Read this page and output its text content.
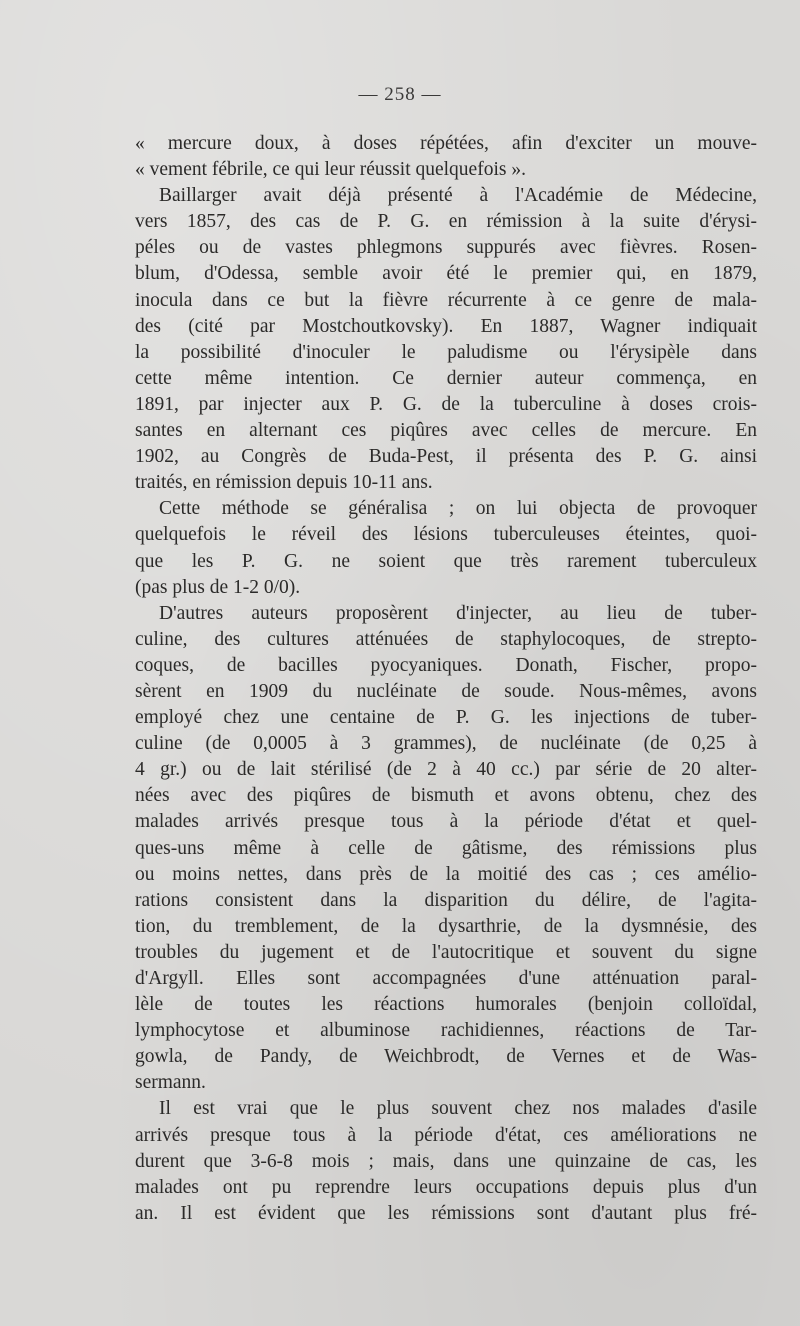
— 258 —
« mercure doux, à doses répétées, afin d'exciter un mouve-
« vement fébrile, ce qui leur réussit quelquefois ».
Baillarger avait déjà présenté à l'Académie de Médecine,
vers 1857, des cas de P. G. en rémission à la suite d'érysi-
péles ou de vastes phlegmons suppurés avec fièvres. Rosen-
blum, d'Odessa, semble avoir été le premier qui, en 1879,
inocula dans ce but la fièvre récurrente à ce genre de mala-
des (cité par Mostchoutkovsky). En 1887, Wagner indiquait
la possibilité d'inoculer le paludisme ou l'érysipèle dans
cette même intention. Ce dernier auteur commença, en
1891, par injecter aux P. G. de la tuberculine à doses crois-
santes en alternant ces piqûres avec celles de mercure. En
1902, au Congrès de Buda-Pest, il présenta des P. G. ainsi
traités, en rémission depuis 10-11 ans.
Cette méthode se généralisa ; on lui objecta de provoquer
quelquefois le réveil des lésions tuberculeuses éteintes, quoi-
que les P. G. ne soient que très rarement tuberculeux
(pas plus de 1-2 0/0).
D'autres auteurs proposèrent d'injecter, au lieu de tuber-
culine, des cultures atténuées de staphylocoques, de strepto-
coques, de bacilles pyocyaniques. Donath, Fischer, propo-
sèrent en 1909 du nucléinate de soude. Nous-mêmes, avons
employé chez une centaine de P. G. les injections de tuber-
culine (de 0,0005 à 3 grammes), de nucléinate (de 0,25 à
4 gr.) ou de lait stérilisé (de 2 à 40 cc.) par série de 20 alter-
nées avec des piqûres de bismuth et avons obtenu, chez des
malades arrivés presque tous à la période d'état et quel-
ques-uns même à celle de gâtisme, des rémissions plus
ou moins nettes, dans près de la moitié des cas ; ces amélio-
rations consistent dans la disparition du délire, de l'agita-
tion, du tremblement, de la dysarthrie, de la dysmnésie, des
troubles du jugement et de l'autocritique et souvent du signe
d'Argyll. Elles sont accompagnées d'une atténuation paral-
lèle de toutes les réactions humorales (benjoin colloïdal,
lymphocytose et albuminose rachidiennes, réactions de Tar-
gowla, de Pandy, de Weichbrodt, de Vernes et de Was-
sermann.
Il est vrai que le plus souvent chez nos malades d'asile
arrivés presque tous à la période d'état, ces améliorations ne
durent que 3-6-8 mois ; mais, dans une quinzaine de cas, les
malades ont pu reprendre leurs occupations depuis plus d'un
an. Il est évident que les rémissions sont d'autant plus fré-
